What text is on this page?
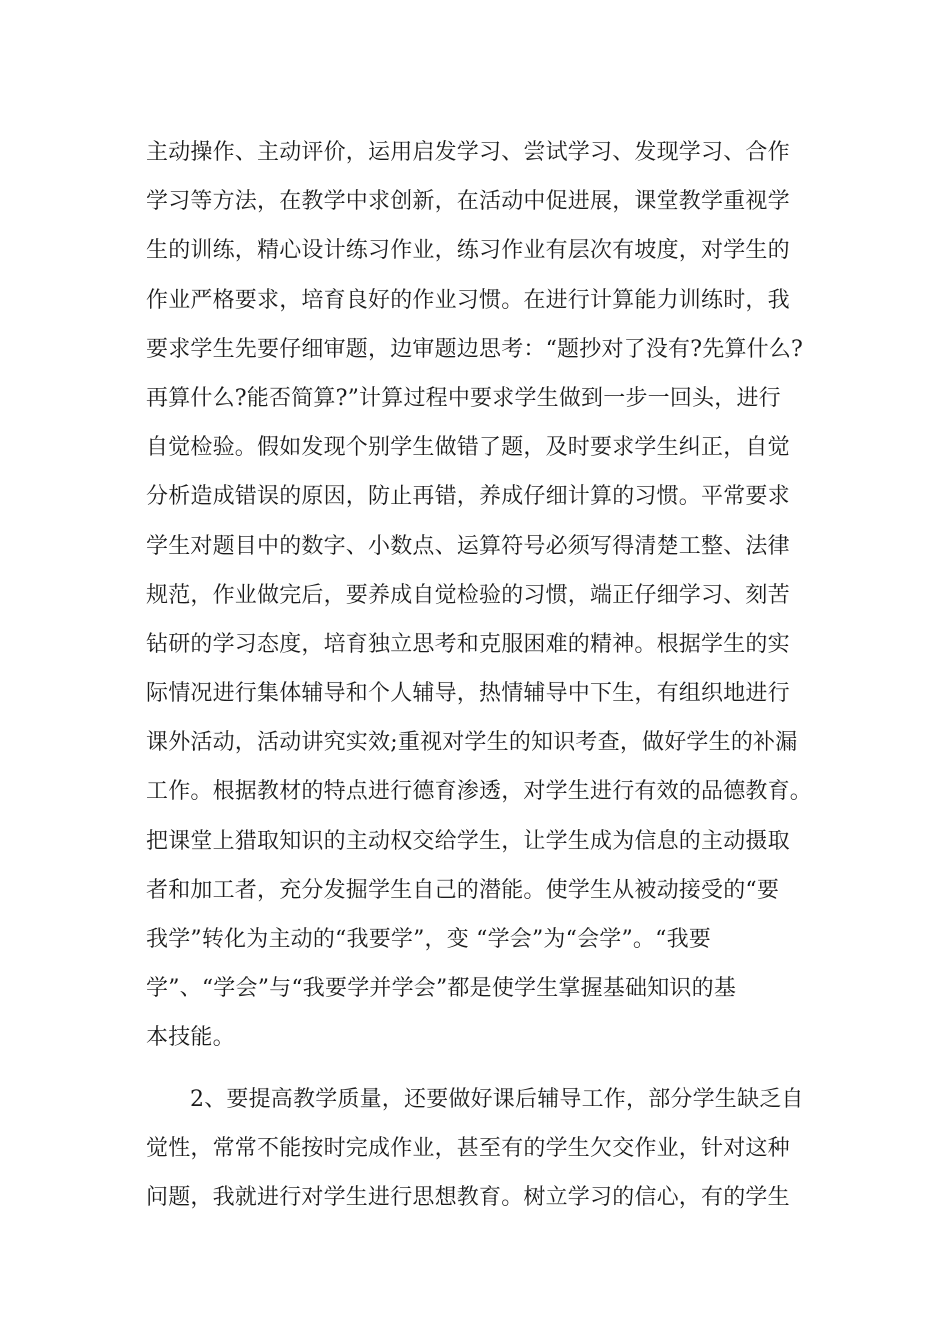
主动操作、主动评价，运用启发学习、尝试学习、发现学习、合作
学习等方法，在教学中求创新，在活动中促进展，课堂教学重视学
生的训练，精心设计练习作业，练习作业有层次有坡度，对学生的
作业严格要求，培育良好的作业习惯。在进行计算能力训练时，我
要求学生先要仔细审题，边审题边思考：“题抄对了没有?先算什么?
再算什么?能否简算?”计算过程中要求学生做到一步一回头，进行
自觉检验。假如发现个别学生做错了题，及时要求学生纠正，自觉
分析造成错误的原因，防止再错，养成仔细计算的习惯。平常要求
学生对题目中的数字、小数点、运算符号必须写得清楚工整、法律
规范，作业做完后，要养成自觉检验的习惯，端正仔细学习、刻苦
钻研的学习态度，培育独立思考和克服困难的精神。根据学生的实
际情况进行集体辅导和个人辅导，热情辅导中下生，有组织地进行
课外活动，活动讲究实效;重视对学生的知识考查，做好学生的补漏
工作。根据教材的特点进行德育渗透，对学生进行有效的品德教育。
把课堂上猎取知识的主动权交给学生，让学生成为信息的主动摄取
者和加工者，充分发掘学生自己的潜能。使学生从被动接受的“要
我学”转化为主动的“我要学”，变 “学会”为“会学”。“我要
学”、“学会”与“我要学并学会”都是使学生掌握基础知识的基
本技能。
2、要提高教学质量，还要做好课后辅导工作，部分学生缺乏自
觉性，常常不能按时完成作业，甚至有的学生欠交作业，针对这种
问题，我就进行对学生进行思想教育。树立学习的信心，有的学生
